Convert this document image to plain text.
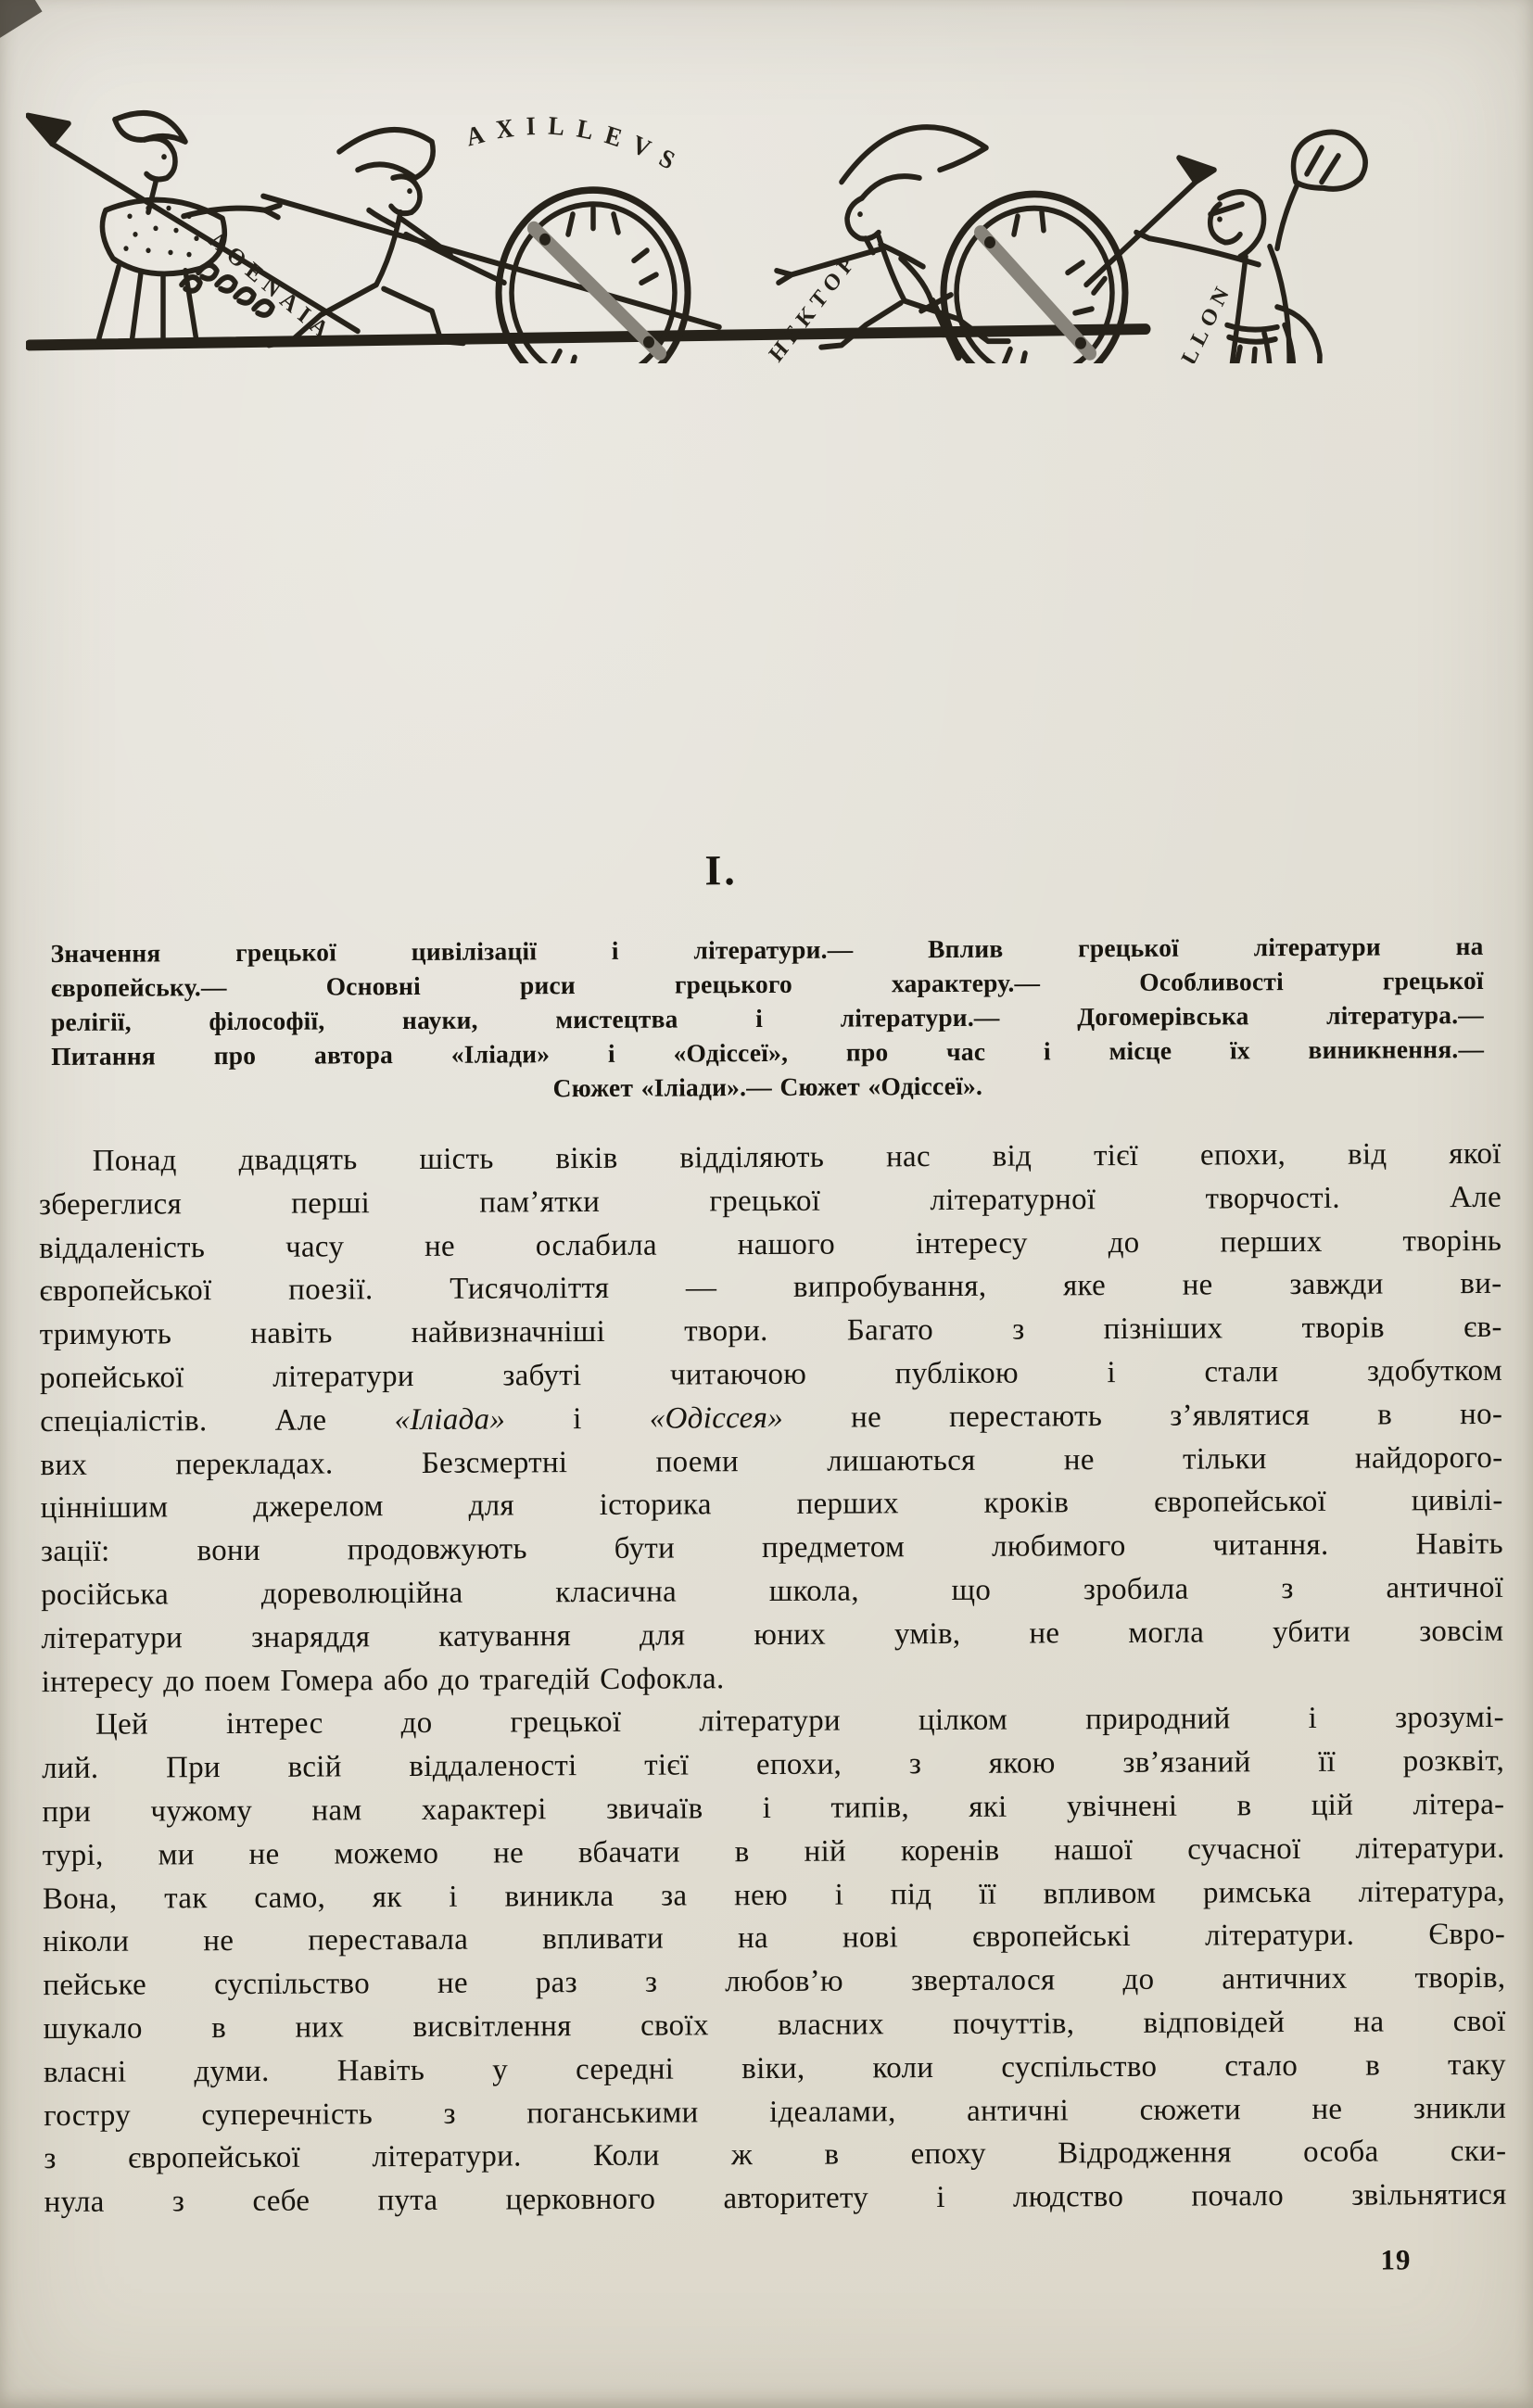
AΘENAIA
AXILLEVS
HEKTOP	APOLLON
I.
Значення грецької цивілізації і літератури.— Вплив грецької літератури на
європейську.— Основні риси грецького характеру.— Особливості грецької
релігії, філософії, науки, мистецтва і літератури.— Догомерівська література.—
Питання про автора «Іліади» і «Одіссеї», про час і місце їх виникнення.—
Сюжет «Іліади».— Сюжет «Одіссеї».
Понад двадцять шість віків відділяють нас від тієї епохи, від якої
збереглися перші пам’ятки грецької літературної творчості. Але
віддаленість часу не ослабила нашого інтересу до перших творінь
європейської поезії. Тисячоліття — випробування, яке не завжди ви-
тримують навіть найвизначніші твори. Багато з пізніших творів єв-
ропейської літератури забуті читаючою публікою і стали здобутком
спеціалістів. Але «Іліада» і «Одіссея» не перестають з’являтися в но-
вих перекладах. Безсмертні поеми лишаються не тільки найдорого-
ціннішим джерелом для історика перших кроків європейської цивілі-
зації: вони продовжують бути предметом любимого читання. Навіть
російська дореволюційна класична школа, що зробила з античної
літератури знаряддя катування для юних умів, не могла убити зовсім
інтересу до поем Гомера або до трагедій Софокла.
Цей інтерес до грецької літератури цілком природний і зрозумі-
лий. При всій віддаленості тієї епохи, з якою зв’язаний її розквіт,
при чужому нам характері звичаїв і типів, які увічнені в цій літера-
турі, ми не можемо не вбачати в ній коренів нашої сучасної літератури.
Вона, так само, як і виникла за нею і під її впливом римська література,
ніколи не переставала впливати на нові європейські літератури. Євро-
пейське суспільство не раз з любов’ю зверталося до античних творів,
шукало в них висвітлення своїх власних почуттів, відповідей на свої
власні думи. Навіть у середні віки, коли суспільство стало в таку
гостру суперечність з поганськими ідеалами, античні сюжети не зникли
з європейської літератури. Коли ж в епоху Відродження особа ски-
нула з себе пута церковного авторитету і людство почало звільнятися
19
